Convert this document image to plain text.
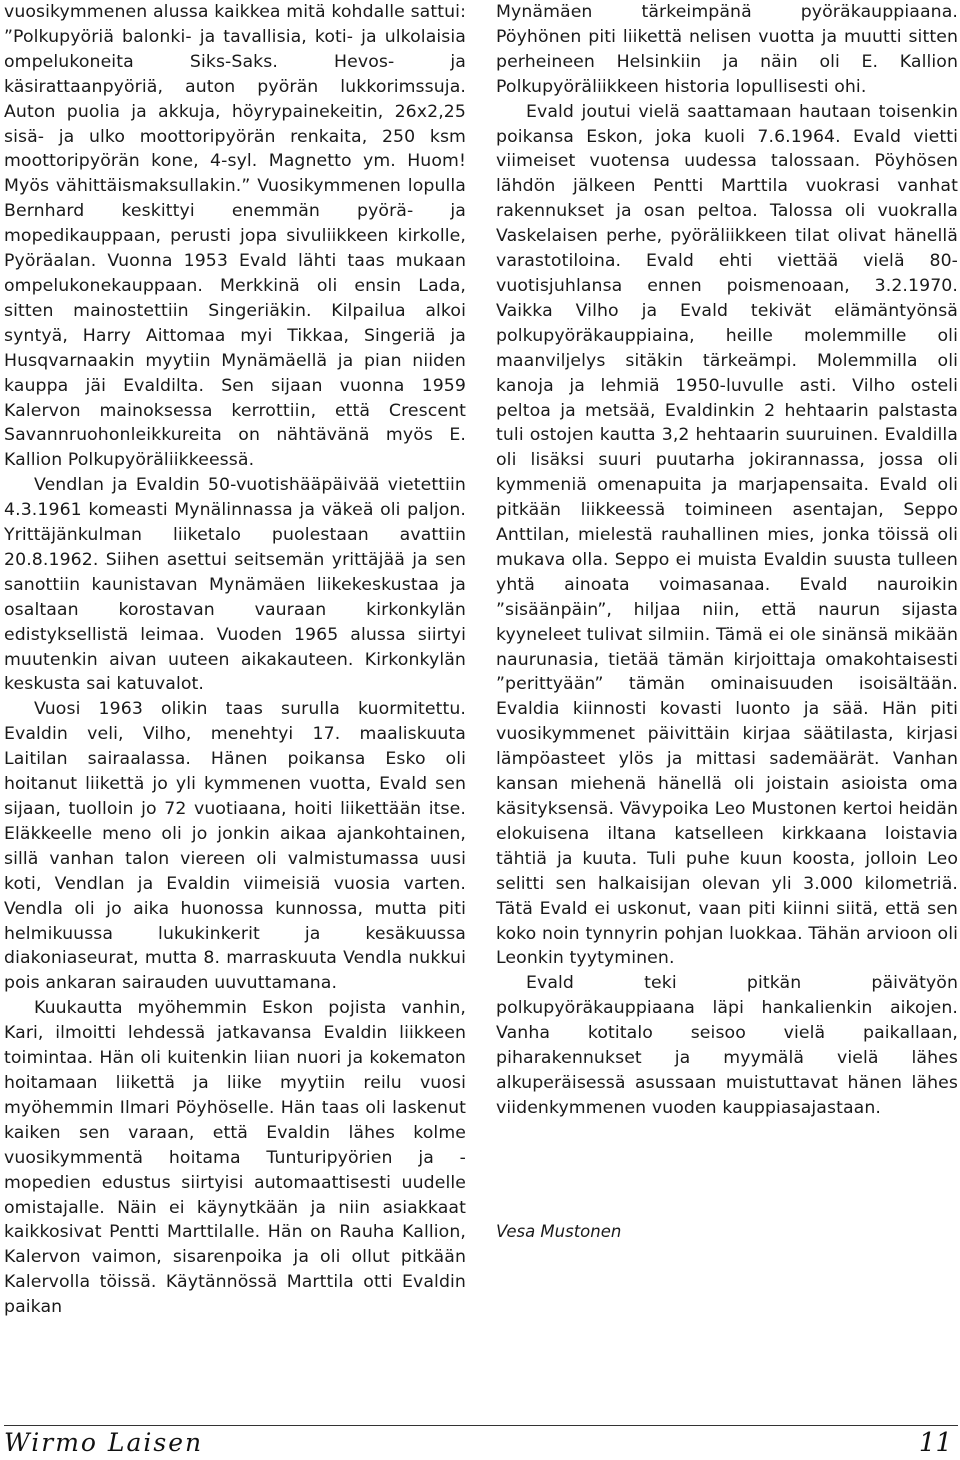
vuosikymmenen alussa kaikkea mitä kohdalle sattui: ”Polkupyöriä balonki- ja tavallisia, koti- ja ulkolaisia ompelukoneita Siks-Saks. Hevos- ja käsirattaanpyöriä, auton pyörän lukkorimssuja. Auton puolia ja akkuja, höyrypainekeitin, 26x2,25 sisä- ja ulko moottoripyörän renkaita, 250 ksm moottoripyörän kone, 4-syl. Magnetto ym. Huom! Myös vähittäismaksullakin.” Vuosikymmenen lopulla Bernhard keskittyi enemmän pyörä- ja mopedikauppaan, perusti jopa sivuliikkeen kirkolle, Pyöräalan. Vuonna 1953 Evald lähti taas mukaan ompelukonekauppaan. Merkkinä oli ensin Lada, sitten mainostettiin Singeriäkin. Kilpailua alkoi syntyä, Harry Aittomaa myi Tikkaa, Singeriä ja Husqvarnaakin myytiin Mynämäellä ja pian niiden kauppa jäi Evaldilta. Sen sijaan vuonna 1959 Kalervon mainoksessa kerrottiin, että Crescent Savannruohonleikkureita on nähtävänä myös E. Kallion Polkupyöräliikkeessä.

Vendlan ja Evaldin 50-vuotishääpäivää vietettiin 4.3.1961 komeasti Mynälinnassa ja väkeä oli paljon. Yrittäjänkulman liiketalo puolestaan avattiin 20.8.1962. Siihen asettui seitsemän yrittäjää ja sen sanottiin kaunistavan Mynämäen liikekeskustaa ja osaltaan korostavan vauraan kirkonkylän edistyksellistä leimaa. Vuoden 1965 alussa siirtyi muutenkin aivan uuteen aikakauteen. Kirkonkylän keskusta sai katuvalot.

Vuosi 1963 olikin taas surulla kuormitettu. Evaldin veli, Vilho, menehtyi 17. maaliskuuta Laitilan sairaalassa. Hänen poikansa Esko oli hoitanut liikettä jo yli kymmenen vuotta, Evald sen sijaan, tuolloin jo 72 vuotiaana, hoiti liikettään itse. Eläkkeelle meno oli jo jonkin aikaa ajankohtainen, sillä vanhan talon viereen oli valmistumassa uusi koti, Vendlan ja Evaldin viimeisiä vuosia varten. Vendla oli jo aika huonossa kunnossa, mutta piti helmikuussa lukukinkerit ja kesäkuussa diakoniaseurat, mutta 8. marraskuuta Vendla nukkui pois ankaran sairauden uuvuttamana.

Kuukautta myöhemmin Eskon pojista vanhin, Kari, ilmoitti lehdessä jatkavansa Evaldin liikkeen toimintaa. Hän oli kuitenkin liian nuori ja kokematon hoitamaan liikettä ja liike myytiin reilu vuosi myöhemmin Ilmari Pöyhöselle. Hän taas oli laskenut kaiken sen varaan, että Evaldin lähes kolme vuosikymmentä hoitama Tunturipyörien ja -mopedien edustus siirtyisi automaattisesti uudelle omistajalle. Näin ei käynytkään ja niin asiakkaat kaikkosivat Pentti Marttilalle. Hän on Rauha Kallion, Kalervon vaimon, sisarenpoika ja oli ollut pitkään Kalervolla töissä. Käytännössä Marttila otti Evaldin paikan

Mynämäen tärkeimpänä pyöräkauppiaana. Pöyhönen piti liikettä nelisen vuotta ja muutti sitten perheineen Helsinkiin ja näin oli E. Kallion Polkupyöräliikkeen historia lopullisesti ohi.

Evald joutui vielä saattamaan hautaan toisenkin poikansa Eskon, joka kuoli 7.6.1964. Evald vietti viimeiset vuotensa uudessa talossaan. Pöyhösen lähdön jälkeen Pentti Marttila vuokrasi vanhat rakennukset ja osan peltoa. Talossa oli vuokralla Vaskelaisen perhe, pyöräliikkeen tilat olivat hänellä varastotiloina. Evald ehti viettää vielä 80-vuotisjuhlansa ennen poismenoaan, 3.2.1970. Vaikka Vilho ja Evald tekivät elämäntyönsä polkupyöräkauppiaina, heille molemmille oli maanviljelys sitäkin tärkeämpi. Molemmilla oli kanoja ja lehmiä 1950-luvulle asti. Vilho osteli peltoa ja metsää, Evaldinkin 2 hehtaarin palstasta tuli ostojen kautta 3,2 hehtaarin suuruinen. Evaldilla oli lisäksi suuri puutarha jokirannassa, jossa oli kymmeniä omenapuita ja marjapensaita. Evald oli pitkään liikkeessä toimineen asentajan, Seppo Anttilan, mielestä rauhallinen mies, jonka töissä oli mukava olla. Seppo ei muista Evaldin suusta tulleen yhtä ainoata voimasanaa. Evald nauroikin ”sisäänpäin”, hiljaa niin, että naurun sijasta kyyneleet tulivat silmiin. Tämä ei ole sinänsä mikään naurunasia, tietää tämän kirjoittaja omakohtaisesti ”perittyään” tämän ominaisuuden isoisältään. Evaldia kiinnosti kovasti luonto ja sää. Hän piti vuosikymmenet päivittäin kirjaa säätilasta, kirjasi lämpöasteet ylös ja mittasi sademäärät. Vanhan kansan miehenä hänellä oli joistain asioista oma käsityksensä. Vävypoika Leo Mustonen kertoi heidän elokuisena iltana katselleen kirkkaana loistavia tähtiä ja kuuta. Tuli puhe kuun koosta, jolloin Leo selitti sen halkaisijan olevan yli 3.000 kilometriä. Tätä Evald ei uskonut, vaan piti kiinni siitä, että sen koko noin tynnyrin pohjan luokkaa. Tähän arvioon oli Leonkin tyytyminen.

Evald teki pitkän päivätyön polkupyöräkauppiaana läpi hankalienkin aikojen. Vanha kotitalo seisoo vielä paikallaan, piharakennukset ja myymälä vielä lähes alkuperäisessä asussaan muistuttavat hänen lähes viidenkymmenen vuoden kauppiasajastaan.

Vesa Mustonen
Wirmo Laisen	11
